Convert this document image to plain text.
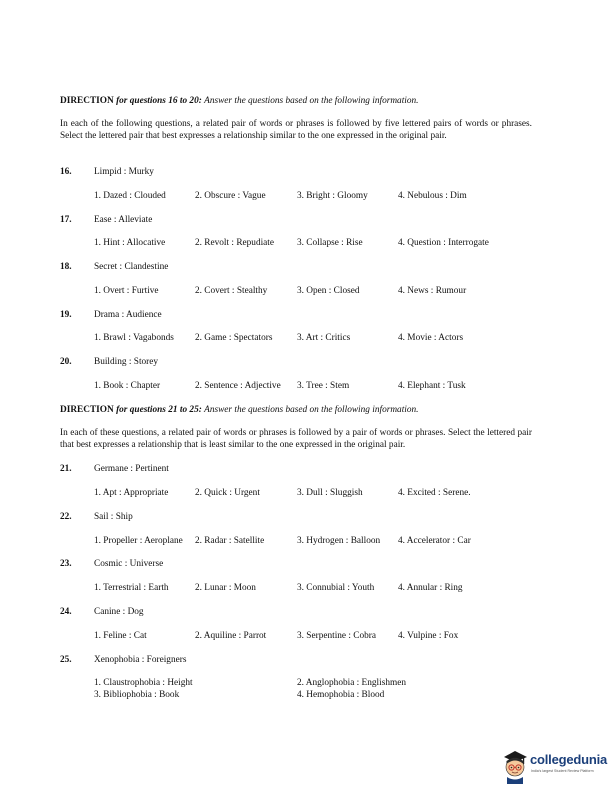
DIRECTION for questions 16 to 20: Answer the questions based on the following information.
In each of the following questions, a related pair of words or phrases is followed by five lettered pairs of words or phrases. Select the lettered pair that best expresses a relationship similar to the one expressed in the original pair.
16. Limpid : Murky
1. Dazed : Clouded	2. Obscure : Vague	3. Bright : Gloomy	4. Nebulous : Dim
17. Ease : Alleviate
1. Hint : Allocative	2. Revolt : Repudiate 3. Collapse : Rise	4. Question : Interrogate
18. Secret : Clandestine
1. Overt : Furtive	2. Covert : Stealthy	3. Open : Closed	4. News : Rumour
19. Drama : Audience
1. Brawl : Vagabonds 2. Game : Spectators	3. Art : Critics	4. Movie : Actors
20. Building : Storey
1. Book : Chapter	2. Sentence : Adjective 3. Tree : Stem	4. Elephant : Tusk
DIRECTION for questions 21 to 25: Answer the questions based on the following information.
In each of these questions, a related pair of words or phrases is followed by a pair of words or phrases. Select the lettered pair that best expresses a relationship that is least similar to the one expressed in the original pair.
21. Germane : Pertinent
1. Apt : Appropriate	2. Quick : Urgent	3. Dull : Sluggish	4. Excited : Serene.
22. Sail : Ship
1. Propeller : Aeroplane 2. Radar : Satellite	3. Hydrogen : Balloon 4. Accelerator : Car
23. Cosmic : Universe
1. Terrestrial : Earth	2. Lunar : Moon	3. Connubial : Youth	4. Annular : Ring
24. Canine : Dog
1. Feline : Cat	2. Aquiline : Parrot	3. Serpentine : Cobra 4. Vulpine : Fox
25. Xenophobia : Foreigners
1. Claustrophobia : Height	2. Anglophobia : Englishmen
3. Bibliophobia : Book	4. Hemophobia : Blood
collegedunia
India's largest Student Review Platform
